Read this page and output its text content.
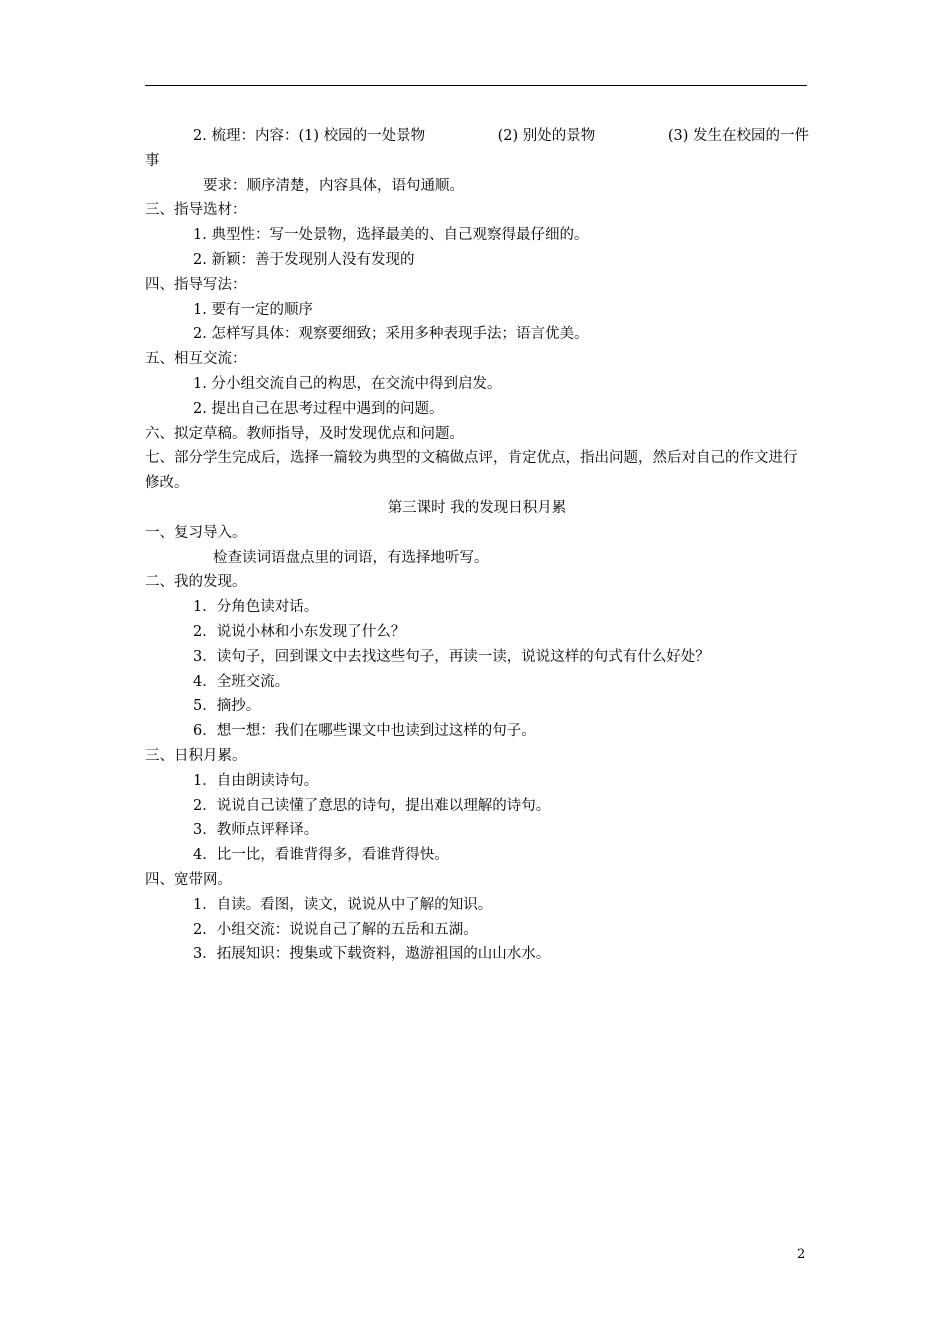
2. 梳理：内容：(1) 校园的一处景物	(2) 别处的景物	(3) 发生在校园的一件

事

要求：顺序清楚，内容具体，语句通顺。

三、指导选材：

1. 典型性：写一处景物，选择最美的、自己观察得最仔细的。

2. 新颖：善于发现别人没有发现的

四、指导写法：

1. 要有一定的顺序

2. 怎样写具体：观察要细致；采用多种表现手法；语言优美。

五、相互交流：

1. 分小组交流自己的构思，在交流中得到启发。

2. 提出自己在思考过程中遇到的问题。

六、拟定草稿。教师指导，及时发现优点和问题。

七、部分学生完成后，选择一篇较为典型的文稿做点评，肯定优点，指出问题，然后对自己的作文进行修改。

第三课时 我的发现日积月累

一、复习导入。

检查读词语盘点里的词语，有选择地听写。

二、我的发现。

1．分角色读对话。

2．说说小林和小东发现了什么？

3．读句子，回到课文中去找这些句子，再读一读，说说这样的句式有什么好处？

4．全班交流。

5．摘抄。

6．想一想：我们在哪些课文中也读到过这样的句子。

三、日积月累。

1．自由朗读诗句。

2．说说自己读懂了意思的诗句，提出难以理解的诗句。

3．教师点评释译。

4．比一比，看谁背得多，看谁背得快。

四、宽带网。

1．自读。看图，读文，说说从中了解的知识。

2．小组交流：说说自己了解的五岳和五湖。

3．拓展知识：搜集或下载资料，遨游祖国的山山水水。

2
